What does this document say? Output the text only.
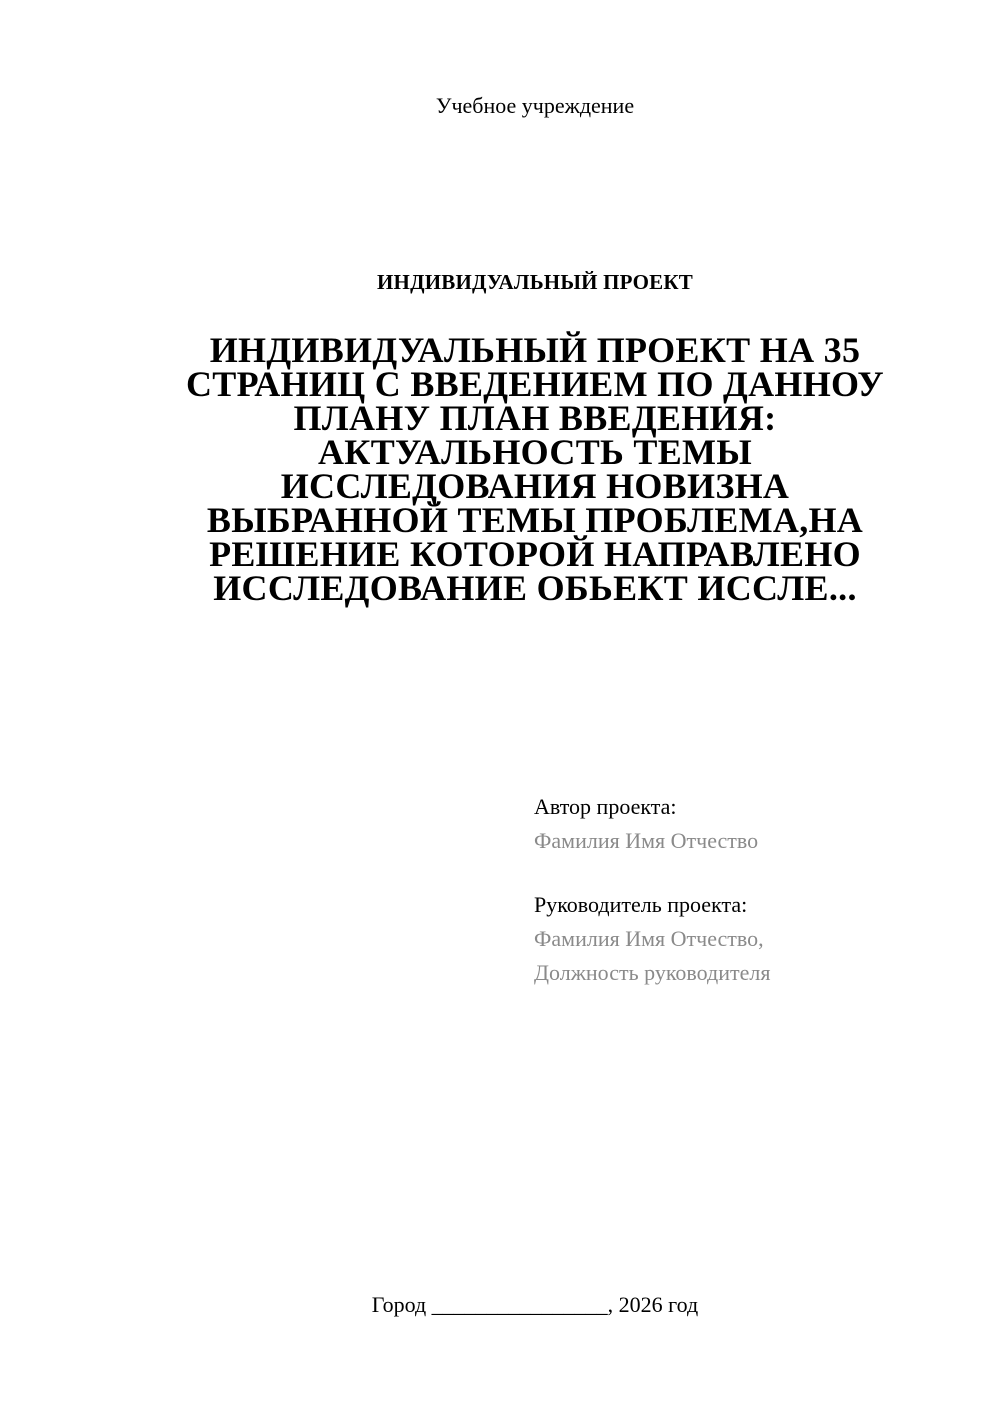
Учебное учреждение
ИНДИВИДУАЛЬНЫЙ ПРОЕКТ
ИНДИВИДУАЛЬНЫЙ ПРОЕКТ НА 35
СТРАНИЦ С ВВЕДЕНИЕМ ПО ДАННОУ
ПЛАНУ ПЛАН ВВЕДЕНИЯ:
АКТУАЛЬНОСТЬ ТЕМЫ
ИССЛЕДОВАНИЯ НОВИЗНА
ВЫБРАННОЙ ТЕМЫ ПРОБЛЕМА,НА
РЕШЕНИЕ КОТОРОЙ НАПРАВЛЕНО
ИССЛЕДОВАНИЕ ОБЬЕКТ ИССЛЕ...
Автор проекта:
Фамилия Имя Отчество
Руководитель проекта:
Фамилия Имя Отчество,
Должность руководителя
Город ________________, 2026 год
